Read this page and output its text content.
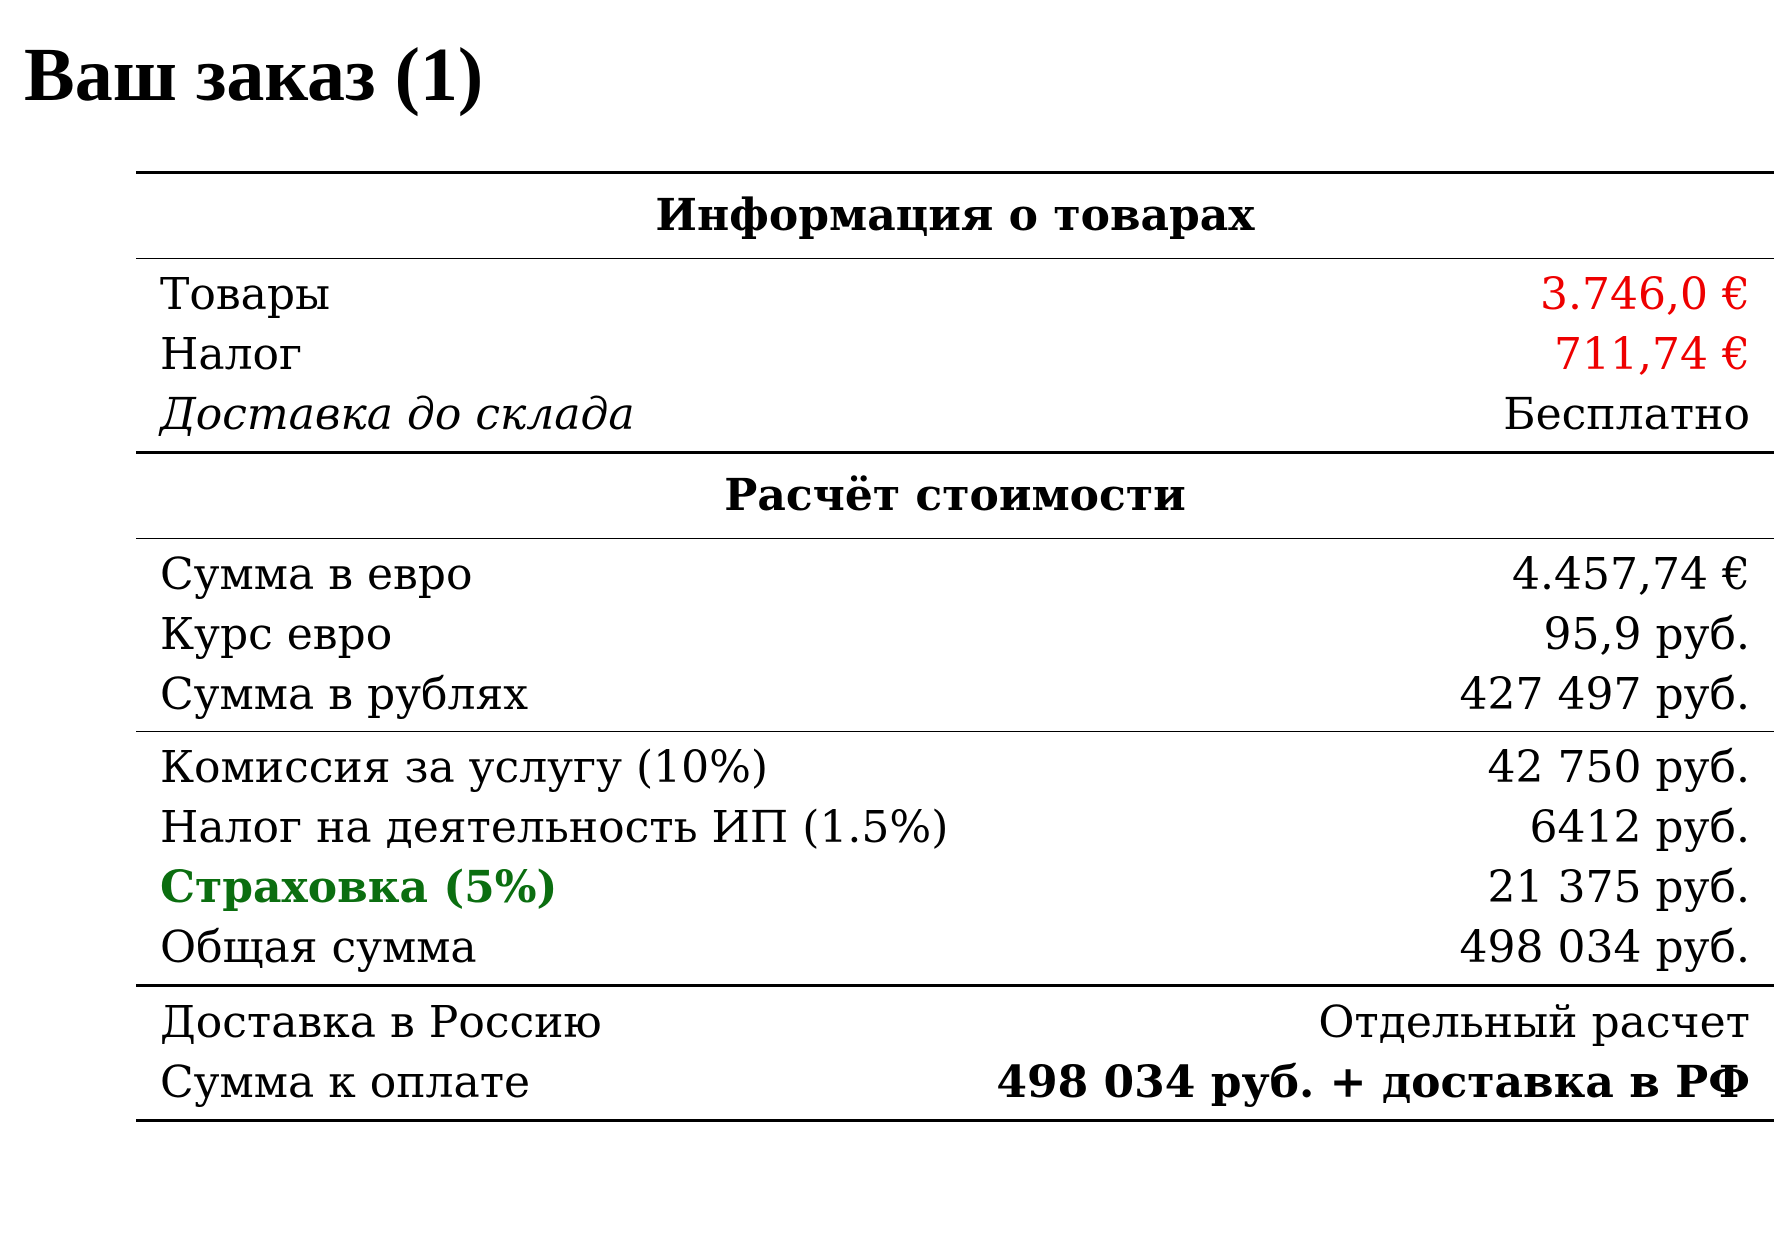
Ваш заказ (1)
Информация о товарах	
Товары	3.746,0 €
Налог	711,74 €
Доставка до склада	Бесплатно
Расчёт стоимости	
Сумма в евро	4.457,74 €
Курс евро	95,9 руб.
Сумма в рублях	427 497 руб.
Комиссия за услугу (10%)	42 750 руб.
Налог на деятельность ИП (1.5%)	6412 руб.
Страховка (5%)	21 375 руб.
Общая сумма	498 034 руб.
Доставка в Россию	Отдельный расчет
Сумма к оплате	498 034 руб. + доставка в РФ
